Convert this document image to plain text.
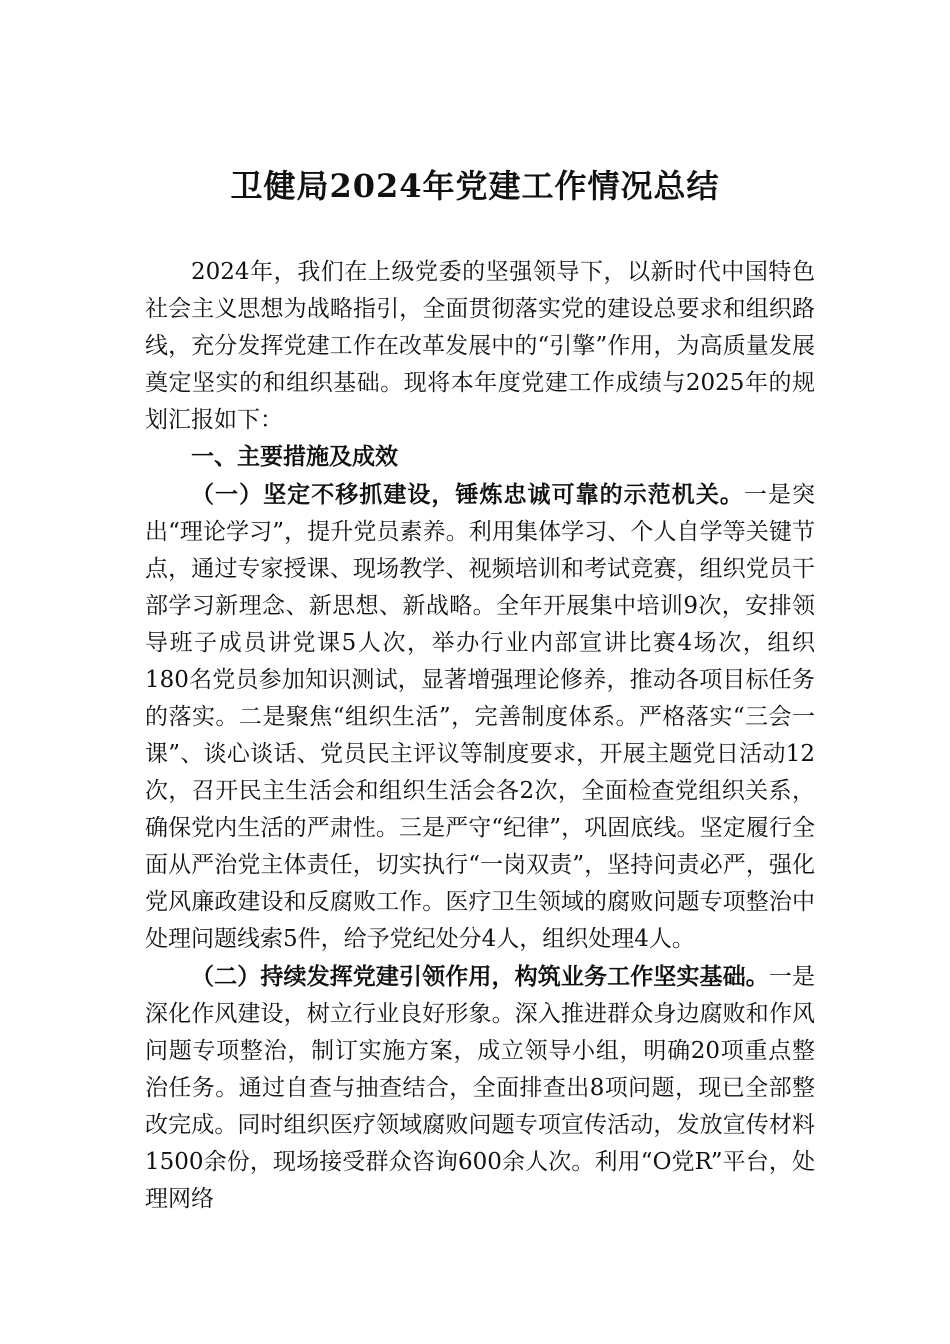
卫健局2024年党建工作情况总结

2024年，我们在上级党委的坚强领导下，以新时代中国特色社会主义思想为战略指引，全面贯彻落实党的建设总要求和组织路线，充分发挥党建工作在改革发展中的“引擎”作用，为高质量发展奠定坚实的和组织基础。现将本年度党建工作成绩与2025年的规划汇报如下：

一、主要措施及成效

（一）坚定不移抓建设，锤炼忠诚可靠的示范机关。一是突出“理论学习”，提升党员素养。利用集体学习、个人自学等关键节点，通过专家授课、现场教学、视频培训和考试竞赛，组织党员干部学习新理念、新思想、新战略。全年开展集中培训9次，安排领导班子成员讲党课5人次，举办行业内部宣讲比赛4场次，组织180名党员参加知识测试，显著增强理论修养，推动各项目标任务的落实。二是聚焦“组织生活”，完善制度体系。严格落实“三会一课”、谈心谈话、党员民主评议等制度要求，开展主题党日活动12次，召开民主生活会和组织生活会各2次，全面检查党组织关系，确保党内生活的严肃性。三是严守“纪律”，巩固底线。坚定履行全面从严治党主体责任，切实执行“一岗双责”，坚持问责必严，强化党风廉政建设和反腐败工作。医疗卫生领域的腐败问题专项整治中处理问题线索5件，给予党纪处分4人，组织处理4人。

（二）持续发挥党建引领作用，构筑业务工作坚实基础。一是深化作风建设，树立行业良好形象。深入推进群众身边腐败和作风问题专项整治，制订实施方案，成立领导小组，明确20项重点整治任务。通过自查与抽查结合，全面排查出8项问题，现已全部整改完成。同时组织医疗领域腐败问题专项宣传活动，发放宣传材料1500余份，现场接受群众咨询600余人次。利用“O党R”平台，处理网络
